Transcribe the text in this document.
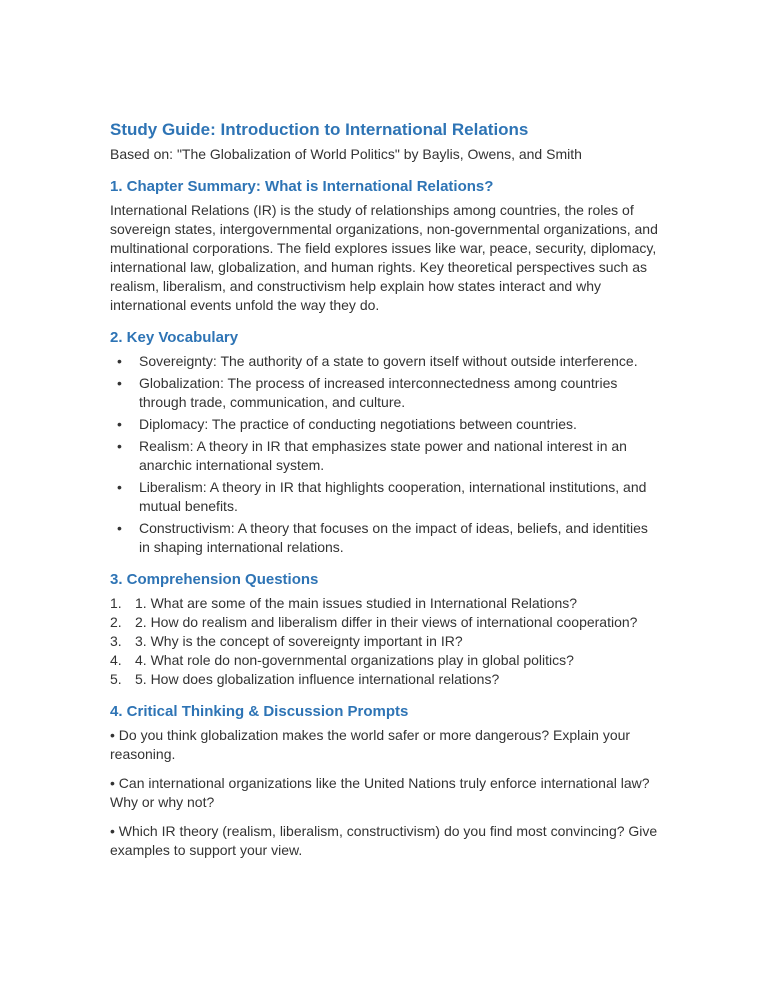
Study Guide: Introduction to International Relations

Based on: "The Globalization of World Politics" by Baylis, Owens, and Smith

1. Chapter Summary: What is International Relations?

International Relations (IR) is the study of relationships among countries, the roles of sovereign states, intergovernmental organizations, non-governmental organizations, and multinational corporations. The field explores issues like war, peace, security, diplomacy, international law, globalization, and human rights. Key theoretical perspectives such as realism, liberalism, and constructivism help explain how states interact and why international events unfold the way they do.

2. Key Vocabulary
•	Sovereignty: The authority of a state to govern itself without outside interference.
•	Globalization: The process of increased interconnectedness among countries through trade, communication, and culture.
•	Diplomacy: The practice of conducting negotiations between countries.
•	Realism: A theory in IR that emphasizes state power and national interest in an anarchic international system.
•	Liberalism: A theory in IR that highlights cooperation, international institutions, and mutual benefits.
•	Constructivism: A theory that focuses on the impact of ideas, beliefs, and identities in shaping international relations.
3. Comprehension Questions
1. 1. What are some of the main issues studied in International Relations?
2. 2. How do realism and liberalism differ in their views of international cooperation?
3. 3. Why is the concept of sovereignty important in IR?
4. 4. What role do non-governmental organizations play in global politics?
5. 5. How does globalization influence international relations?
4. Critical Thinking & Discussion Prompts

• Do you think globalization makes the world safer or more dangerous? Explain your reasoning.

• Can international organizations like the United Nations truly enforce international law? Why or why not?

• Which IR theory (realism, liberalism, constructivism) do you find most convincing? Give examples to support your view.
